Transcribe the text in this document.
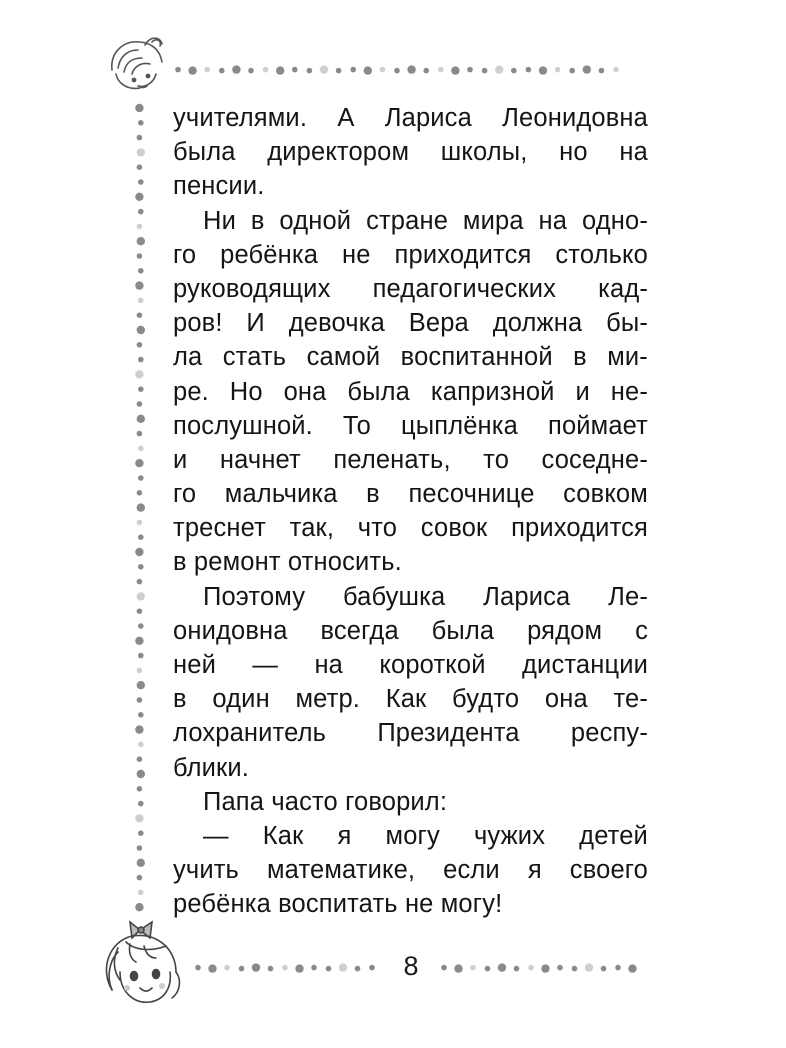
учителями. А Лариса Леонидовна
была директором школы, но на
пенсии.
Ни в одной стране мира на одно-
го ребёнка не приходится столько
руководящих педагогических кад-
ров! И девочка Вера должна бы-
ла стать самой воспитанной в ми-
ре. Но она была капризной и не-
послушной. То цыплёнка поймает
и начнет пеленать, то соседне-
го мальчика в песочнице совком
треснет так, что совок приходится
в ремонт относить.
Поэтому бабушка Лариса Ле-
онидовна всегда была рядом с
ней — на короткой дистанции
в один метр. Как будто она те-
лохранитель Президента респу-
блики.
Папа часто говорил:
— Как я могу чужих детей
учить математике, если я своего
ребёнка воспитать не могу!
8
